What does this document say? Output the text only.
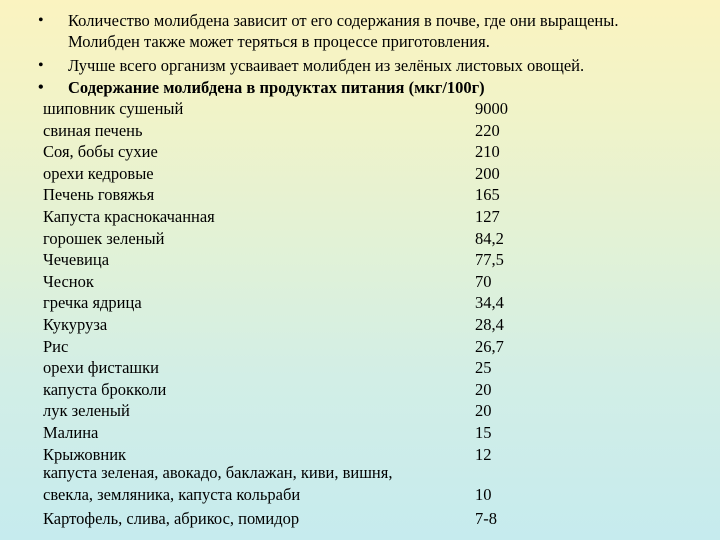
•	Количество молибдена зависит от его содержания в почве, где они выращены.
Молибден также может теряться в процессе приготовления.
•	Лучше всего организм усваивает молибден из зелёных листовых овощей.
•	Содержание молибдена в продуктах питания (мкг/100г)
шиповник сушеный	9000
свиная печень	220
Соя, бобы сухие	210
орехи кедровые	200
Печень говяжья	165
Капуста краснокачанная	127
горошек зеленый	84,2
Чечевица	77,5
Чеснок	70
гречка ядрица	34,4
Кукуруза	28,4
Рис	26,7
орехи фисташки	25
капуста брокколи	20
лук зеленый	20
Малина	15
Крыжовник	12
капуста зеленая, авокадо, баклажан, киви, вишня,
свекла, земляника, капуста кольраби	10
Картофель, слива, абрикос, помидор	7-8
